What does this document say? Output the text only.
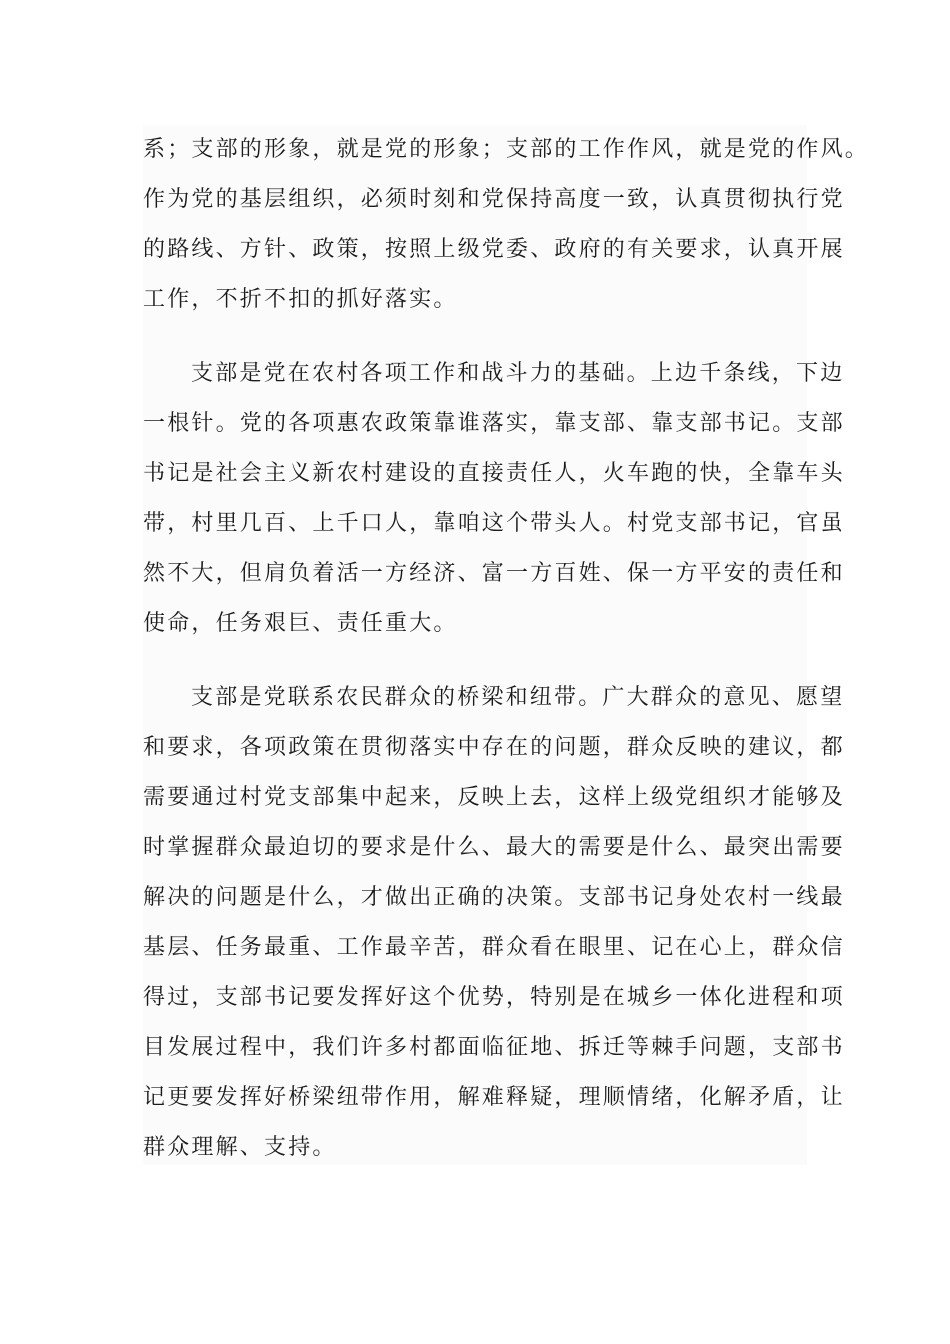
系；支部的形象，就是党的形象；支部的工作作风，就是党的作风。
作为党的基层组织，必须时刻和党保持高度一致，认真贯彻执行党
的路线、方针、政策，按照上级党委、政府的有关要求，认真开展
工作，不折不扣的抓好落实。
支部是党在农村各项工作和战斗力的基础。上边千条线，下边
一根针。党的各项惠农政策靠谁落实，靠支部、靠支部书记。支部
书记是社会主义新农村建设的直接责任人，火车跑的快，全靠车头
带，村里几百、上千口人，靠咱这个带头人。村党支部书记，官虽
然不大，但肩负着活一方经济、富一方百姓、保一方平安的责任和
使命，任务艰巨、责任重大。
支部是党联系农民群众的桥梁和纽带。广大群众的意见、愿望
和要求，各项政策在贯彻落实中存在的问题，群众反映的建议，都
需要通过村党支部集中起来，反映上去，这样上级党组织才能够及
时掌握群众最迫切的要求是什么、最大的需要是什么、最突出需要
解决的问题是什么，才做出正确的决策。支部书记身处农村一线最
基层、任务最重、工作最辛苦，群众看在眼里、记在心上，群众信
得过，支部书记要发挥好这个优势，特别是在城乡一体化进程和项
目发展过程中，我们许多村都面临征地、拆迁等棘手问题，支部书
记更要发挥好桥梁纽带作用，解难释疑，理顺情绪，化解矛盾，让
群众理解、支持。
